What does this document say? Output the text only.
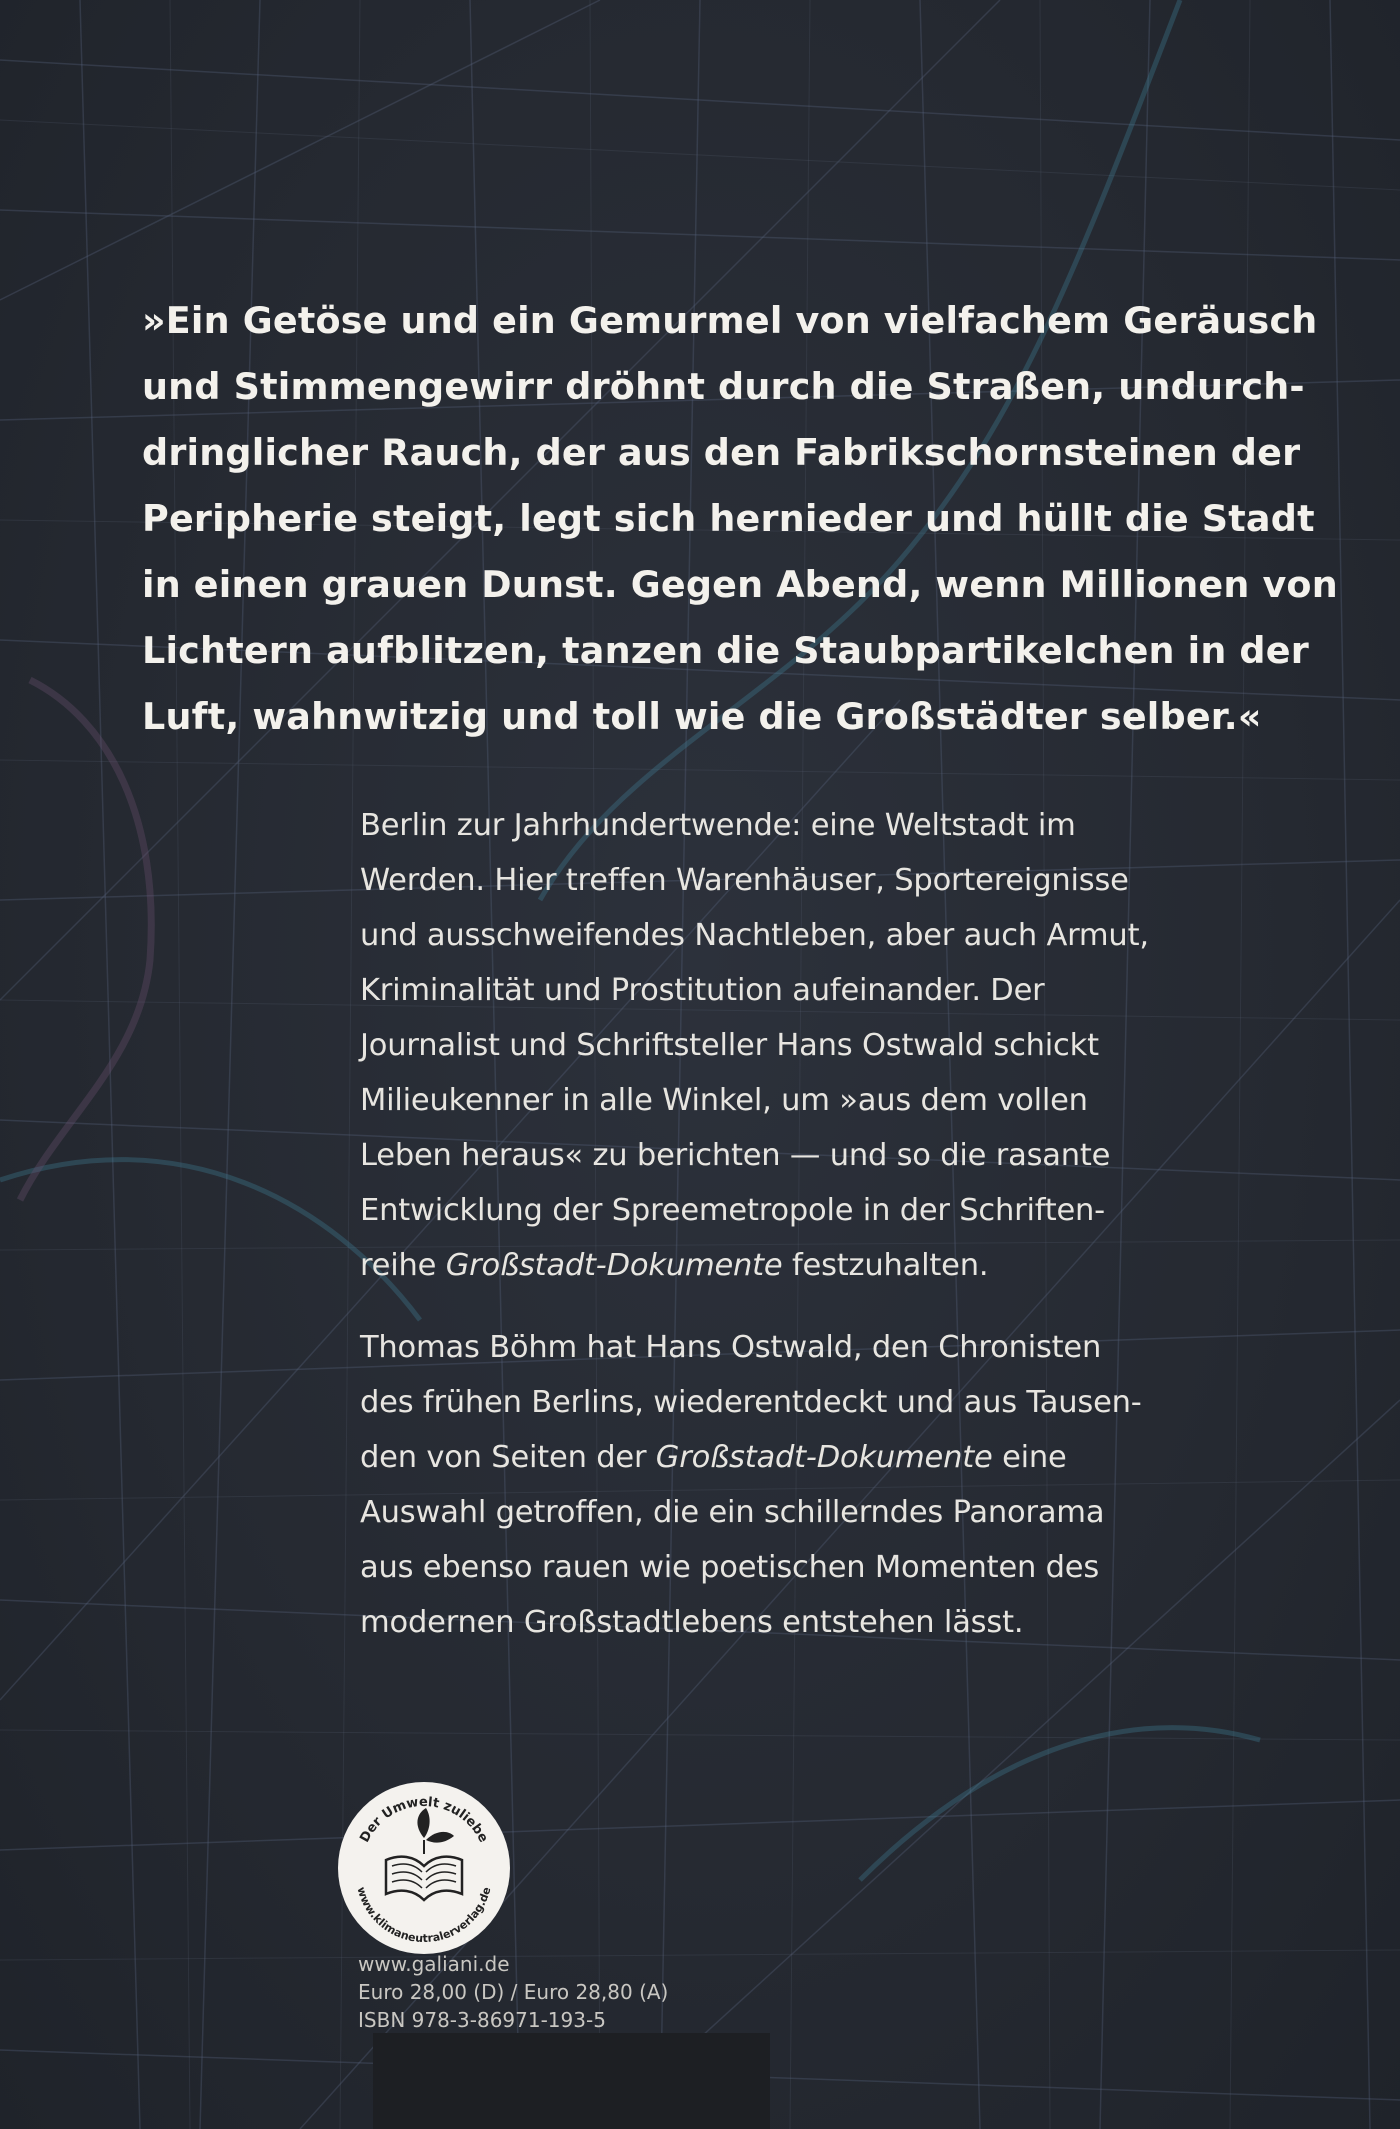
»Ein Getöse und ein Gemurmel von vielfachem Geräusch
und Stimmengewirr dröhnt durch die Straßen, undurch-
dringlicher Rauch, der aus den Fabrikschornsteinen der
Peripherie steigt, legt sich hernieder und hüllt die Stadt
in einen grauen Dunst. Gegen Abend, wenn Millionen von
Lichtern aufblitzen, tanzen die Staubpartikelchen in der
Luft, wahnwitzig und toll wie die Großstädter selber.«

Berlin zur Jahrhundertwende: eine Weltstadt im
Werden. Hier treffen Warenhäuser, Sportereignisse
und ausschweifendes Nachtleben, aber auch Armut,
Kriminalität und Prostitution aufeinander. Der
Journalist und Schriftsteller Hans Ostwald schickt
Milieukenner in alle Winkel, um »aus dem vollen
Leben heraus« zu berichten — und so die rasante
Entwicklung der Spreemetropole in der Schriften-
reihe Großstadt-Dokumente festzuhalten.

Thomas Böhm hat Hans Ostwald, den Chronisten
des frühen Berlins, wiederentdeckt und aus Tausen-
den von Seiten der Großstadt-Dokumente eine
Auswahl getroffen, die ein schillerndes Panorama
aus ebenso rauen wie poetischen Momenten des
modernen Großstadtlebens entstehen lässt.

Der Umwelt zuliebe
www.klimaneutralerverlag.de
www.galiani.de
Euro 28,00 (D) / Euro 28,80 (A)
ISBN 978-3-86971-193-5
